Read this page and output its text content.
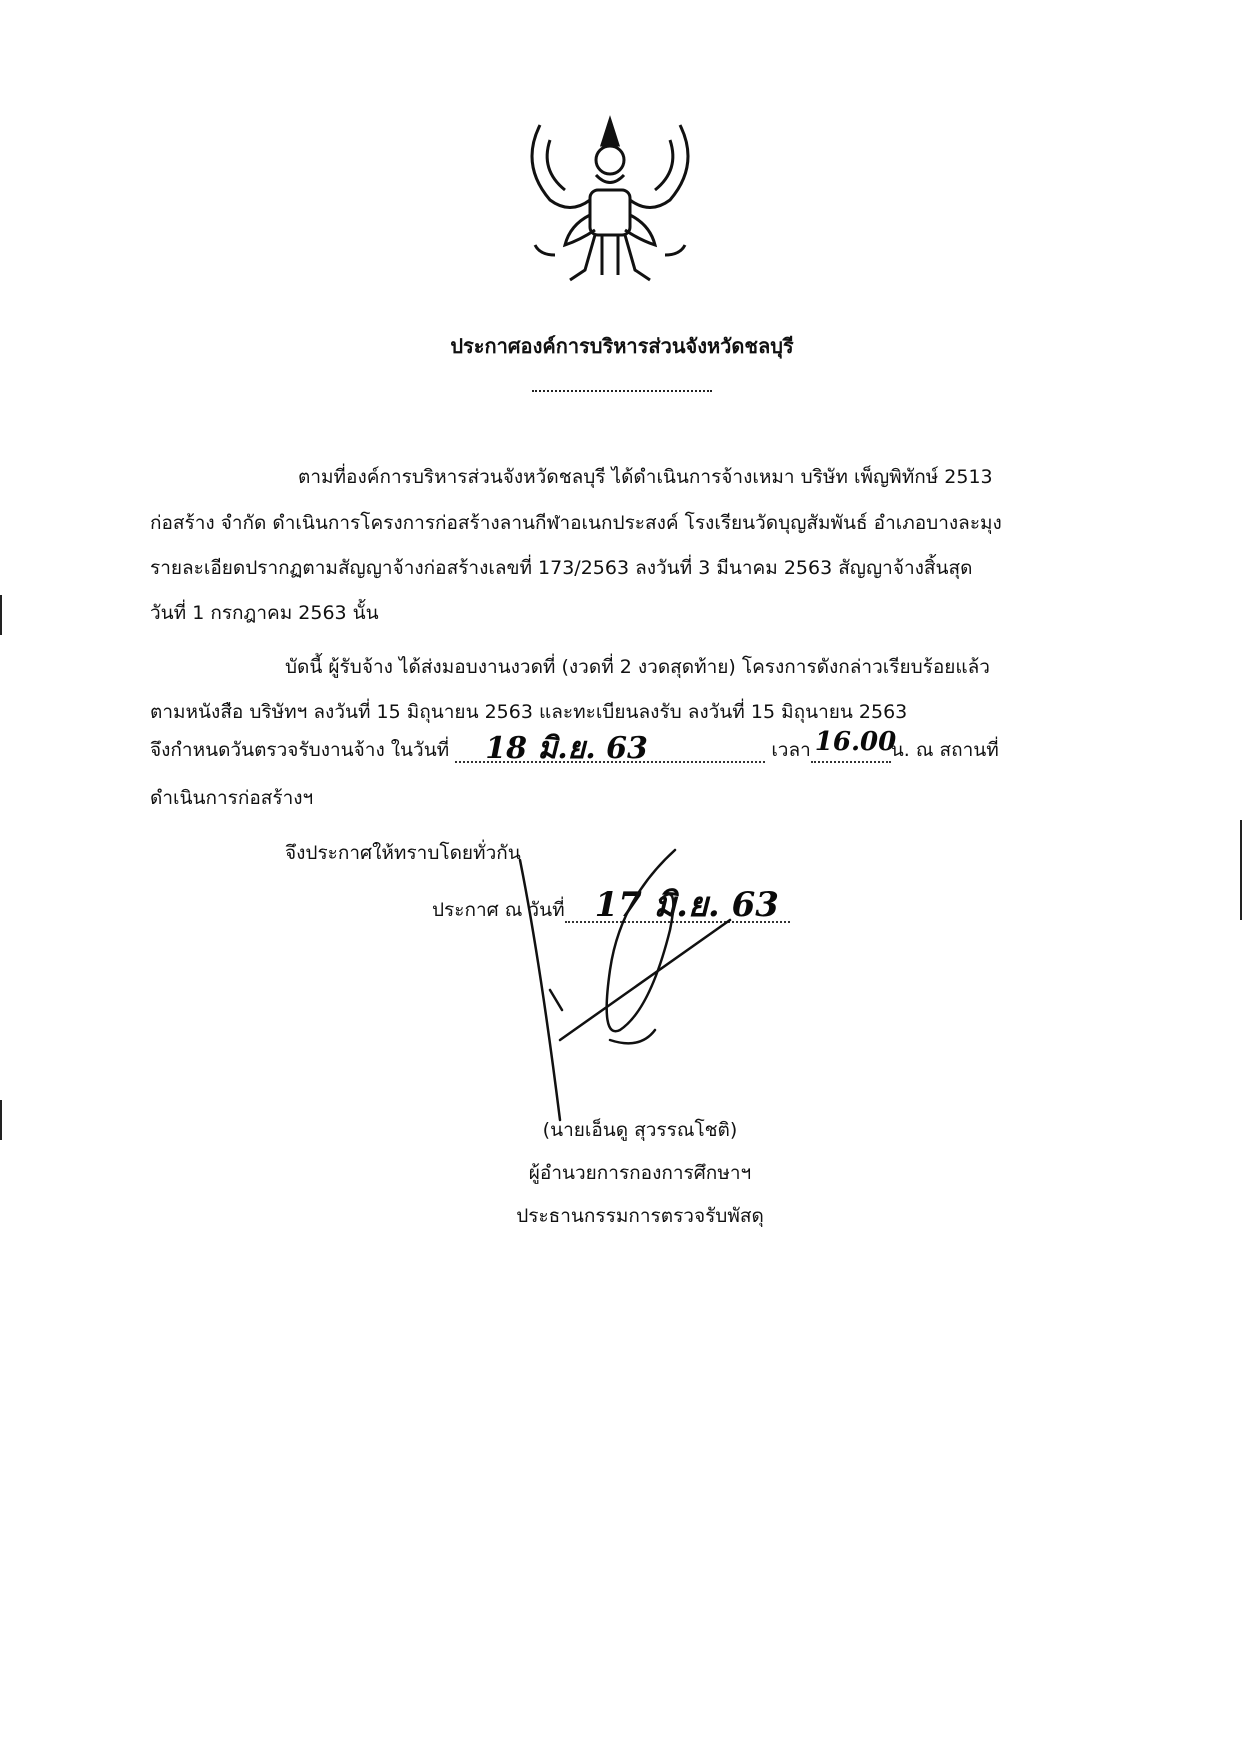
ประกาศองค์การบริหารส่วนจังหวัดชลบุรี
ตามที่องค์การบริหารส่วนจังหวัดชลบุรี ได้ดำเนินการจ้างเหมา บริษัท เพ็ญพิทักษ์ 2513
ก่อสร้าง จำกัด ดำเนินการโครงการก่อสร้างลานกีฬาอเนกประสงค์ โรงเรียนวัดบุญสัมพันธ์ อำเภอบางละมุง
รายละเอียดปรากฏตามสัญญาจ้างก่อสร้างเลขที่ 173/2563 ลงวันที่ 3 มีนาคม 2563 สัญญาจ้างสิ้นสุด
วันที่ 1 กรกฎาคม 2563 นั้น
บัดนี้ ผู้รับจ้าง ได้ส่งมอบงานงวดที่ (งวดที่ 2 งวดสุดท้าย) โครงการดังกล่าวเรียบร้อยแล้ว
ตามหนังสือ บริษัทฯ ลงวันที่ 15 มิถุนายน 2563 และทะเบียนลงรับ ลงวันที่ 15 มิถุนายน 2563
จึงกำหนดวันตรวจรับงานจ้าง ในวันที่ 18 มิ.ย. 63	เวลา 16.00
น. ณ สถานที่
ดำเนินการก่อสร้างฯ
จึงประกาศให้ทราบโดยทั่วกัน
ประกาศ ณ วันที่ 17 มิ.ย. 63

(นายเอ็นดู สุวรรณโชติ)
ผู้อำนวยการกองการศึกษาฯ
ประธานกรรมการตรวจรับพัสดุ
